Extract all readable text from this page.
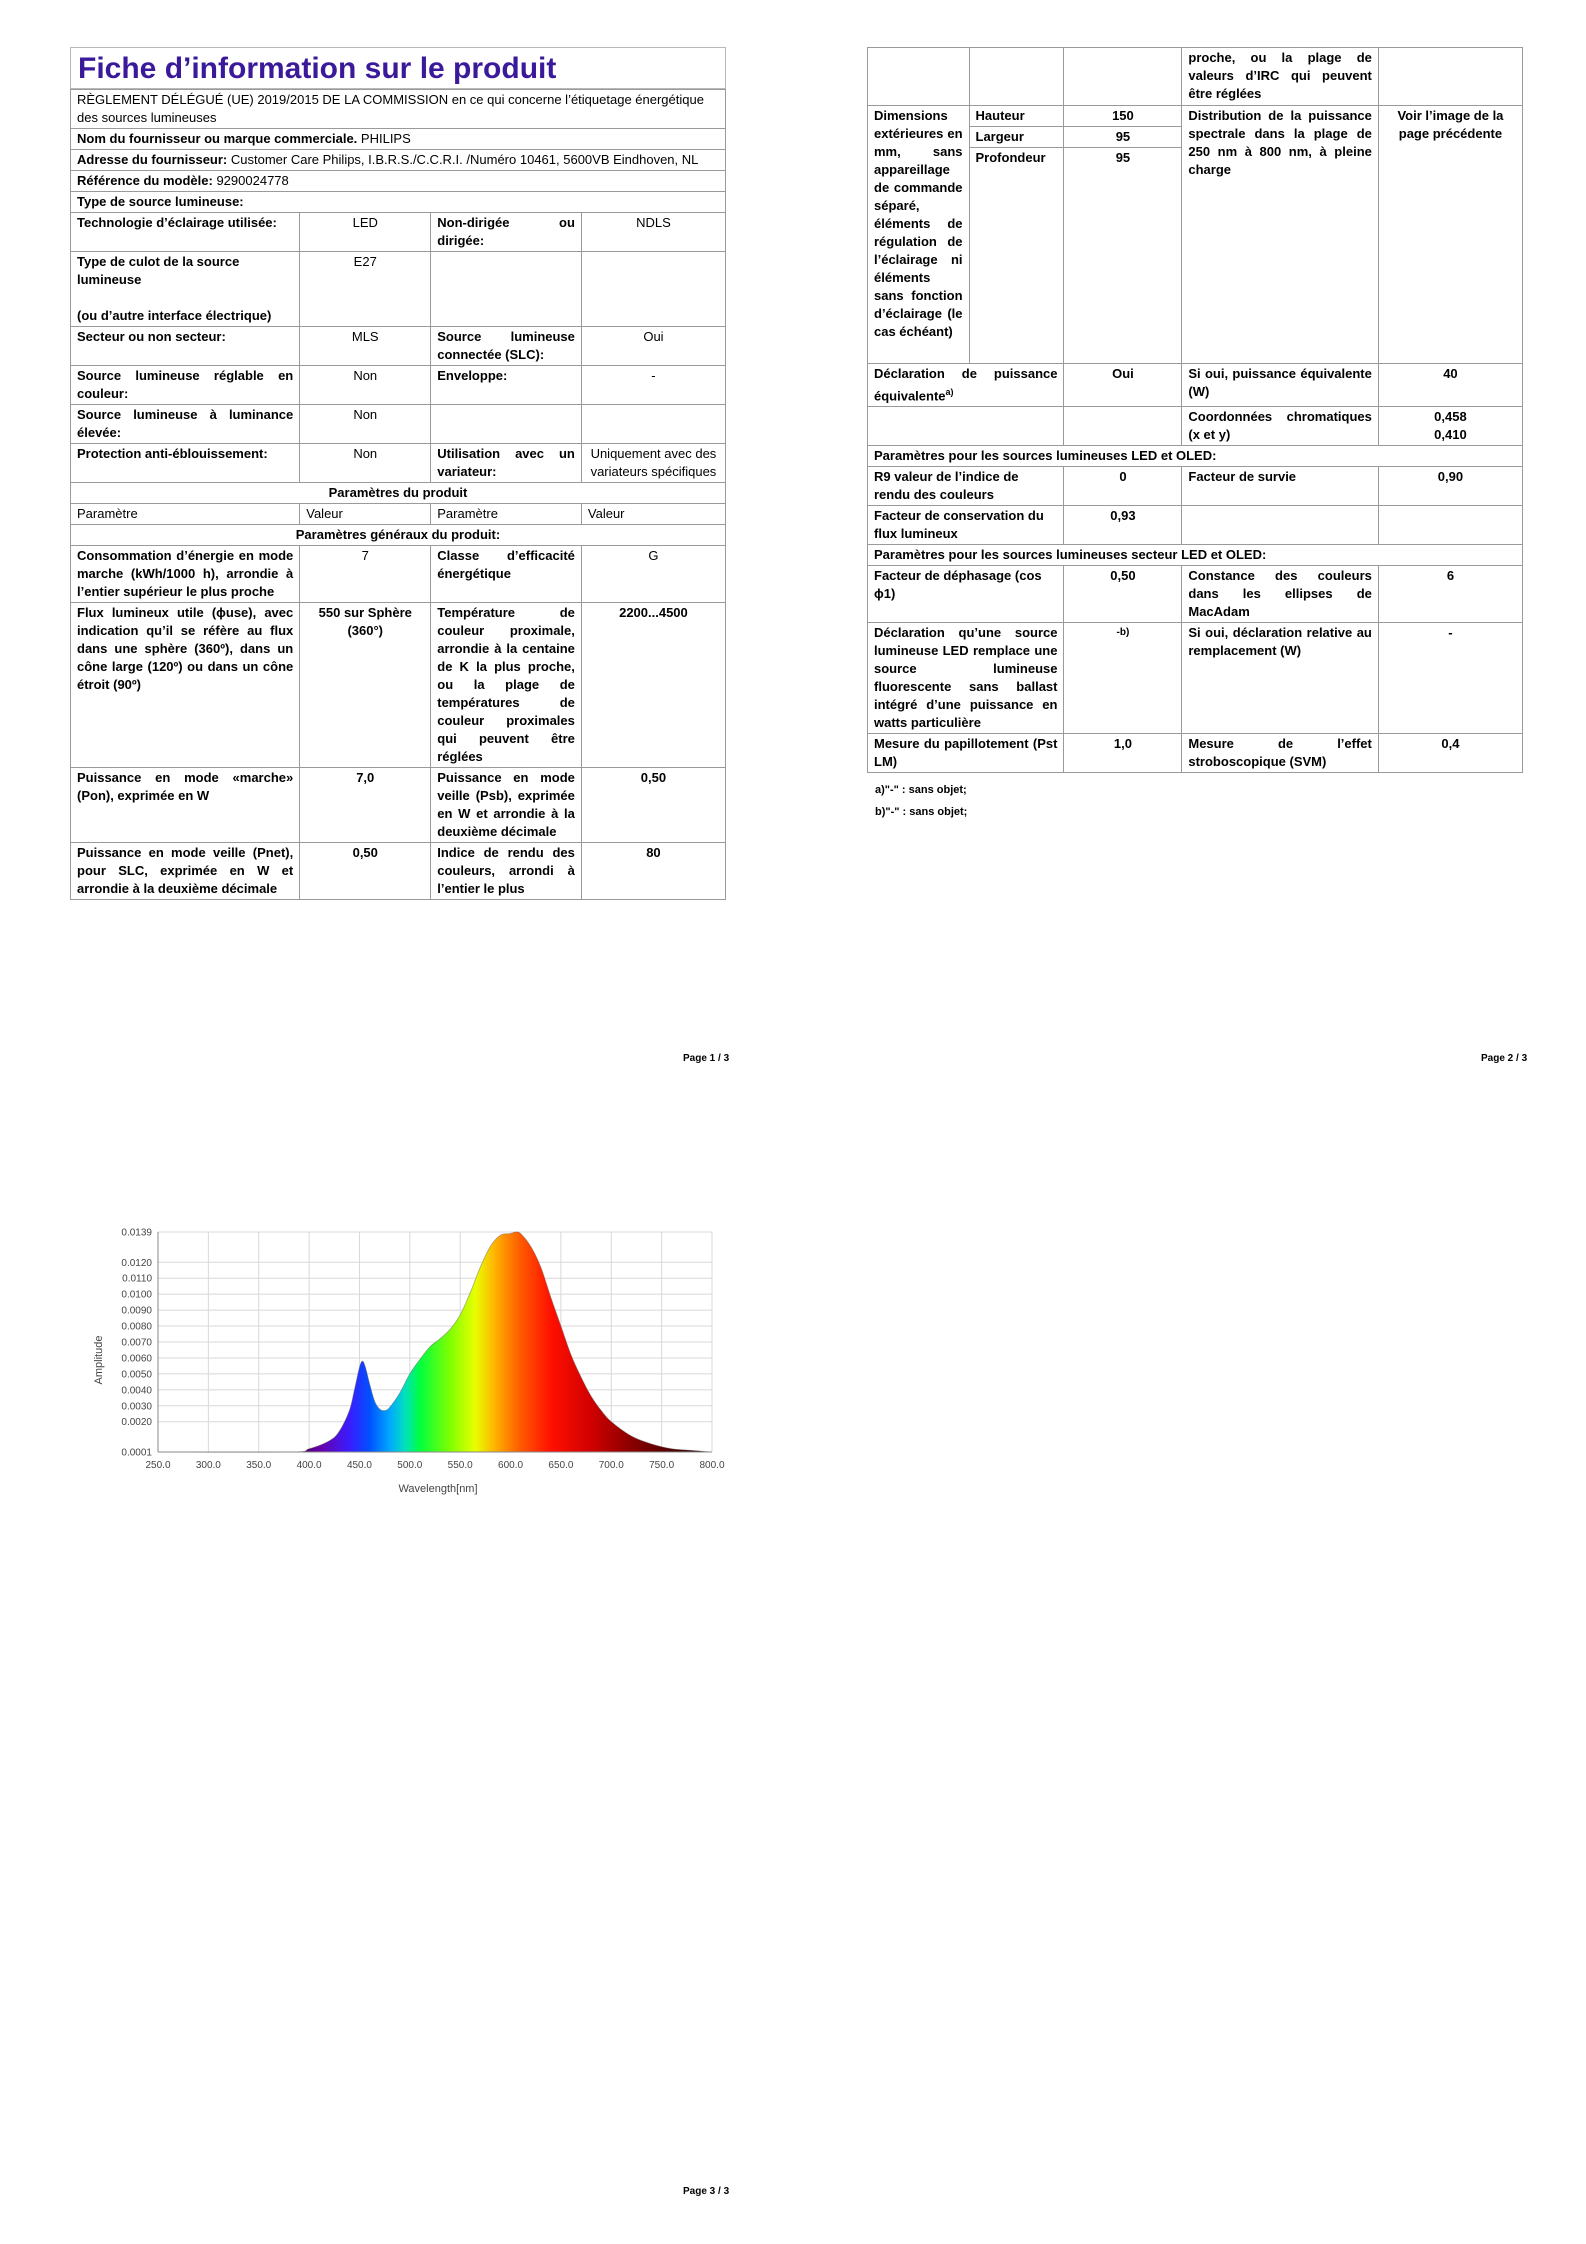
Fiche d’information sur le produit
RÈGLEMENT DÉLÉGUÉ (UE) 2019/2015 DE LA COMMISSION en ce qui concerne l’étiquetage énergétique des sources lumineuses			
Nom du fournisseur ou marque commerciale. PHILIPS			
Adresse du fournisseur: Customer Care Philips, I.B.R.S./C.C.R.I. /Numéro 10461, 5600VB Eindhoven, NL			
Référence du modèle: 9290024778			
Type de source lumineuse:			
Technologie d’éclairage utilisée:	LED	Non-dirigée ou dirigée:	NDLS
Type de culot de la source lumineuse

(ou d’autre interface électrique)	E27		
Secteur ou non secteur:	MLS	Source lumineuse connectée (SLC):	Oui
Source lumineuse réglable en couleur:	Non	Enveloppe:	-
Source lumineuse à luminance élevée:	Non		
Protection anti-éblouissement:	Non	Utilisation avec un variateur:	Uniquement avec des variateurs spécifiques
Paramètres du produit			
Paramètre	Valeur	Paramètre	Valeur
Paramètres généraux du produit:			
Consommation d’énergie en mode marche (kWh/1000 h), arrondie à l’entier supérieur le plus proche	7	Classe d’efficacité énergétique	G
Flux lumineux utile (ɸuse), avec indication qu’il se réfère au flux dans une sphère (360º), dans un cône large (120º) ou dans un cône étroit (90º)	550 sur Sphère (360°)	Température de couleur proximale, arrondie à la centaine de K la plus proche, ou la plage de températures de couleur proximales qui peuvent être réglées	2200...4500
Puissance en mode «marche» (Pon), exprimée en W	7,0	Puissance en mode veille (Psb), exprimée en W et arrondie à la deuxième décimale	0,50
Puissance en mode veille (Pnet), pour SLC, exprimée en W et arrondie à la deuxième décimale	0,50	Indice de rendu des couleurs, arrondi à l’entier le plus	80
Page 1 / 3
			proche, ou la plage de valeurs d’IRC qui peuvent être réglées	
Dimensions extérieures en mm, sans appareillage de commande séparé, éléments de régulation de l’éclairage ni éléments sans fonction d’éclairage (le cas échéant)	Hauteur	150	Distribution de la puissance spectrale dans la plage de 250 nm à 800 nm, à pleine charge	Voir l’image de la page précédente
	Largeur	95		
	Profondeur	95		
Déclaration de puissance équivalente$^{a)}$		Oui	Si oui, puissance équivalente (W)	40
			Coordonnées chromatiques (x et y)	0,458
0,410
Paramètres pour les sources lumineuses LED et OLED:				
R9 valeur de l’indice de rendu des couleurs		0	Facteur de survie	0,90
Facteur de conservation du flux lumineux		0,93		
Paramètres pour les sources lumineuses secteur LED et OLED:				
Facteur de déphasage (cos ɸ1)		0,50	Constance des couleurs dans les ellipses de MacAdam	6
Déclaration qu’une source lumineuse LED remplace une source lumineuse fluorescente sans ballast intégré d’une puissance en watts particulière		-b)	Si oui, déclaration relative au remplacement (W)	-
Mesure du papillotement (Pst LM)		1,0	Mesure de l’effet stroboscopique (SVM)	0,4
a)"-" : sans objet;
b)"-" : sans objet;
Page 2 / 3
250.0	300.0	350.0	400.0	450.0	500.0	550.0	600.0	650.0	700.0	750.0	800.0
0.0001
0.0020
0.0030
0.0040
0.0050
0.0060
0.0070
0.0080
0.0090
0.0100
0.0110
0.0120
0.0139
Amplitude
Wavelength[nm]
Page 3 / 3
